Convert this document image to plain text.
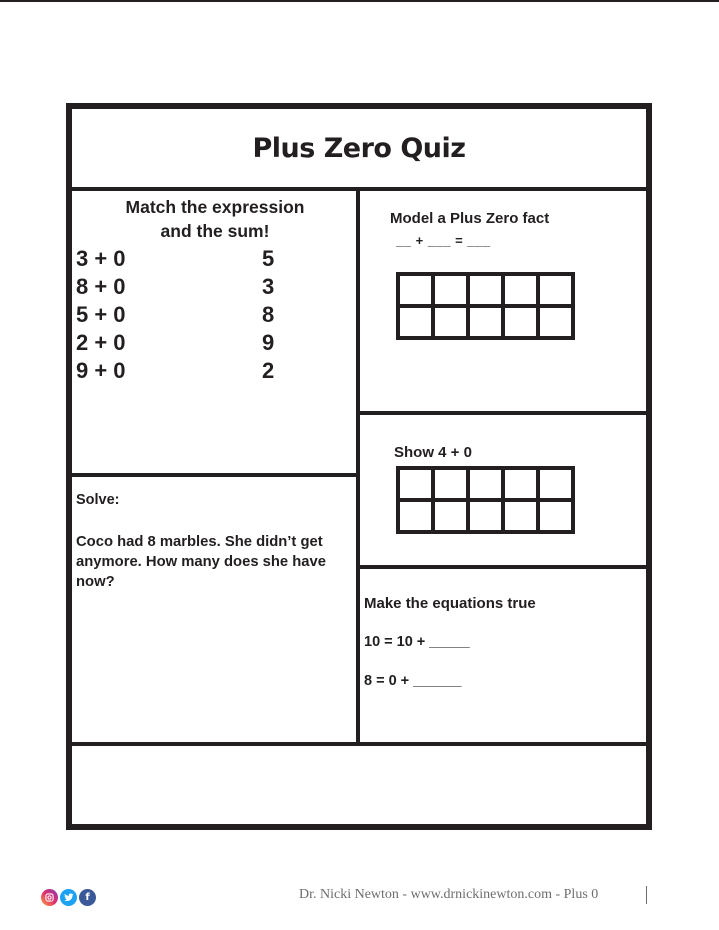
Plus Zero Quiz
Match the expression
and the sum!
3 + 0	5
8 + 0	3
5 + 0	8
2 + 0	9
9 + 0	2
Solve:
Coco had 8 marbles. She didn’t get anymore. How many does she have now?
Model a Plus Zero fact
__ + ___ = ___
Show 4 + 0
Make the equations true
10 = 10 + _____
8 = 0 + ______
f	Dr. Nicki Newton - www.drnickinewton.com - Plus 0
